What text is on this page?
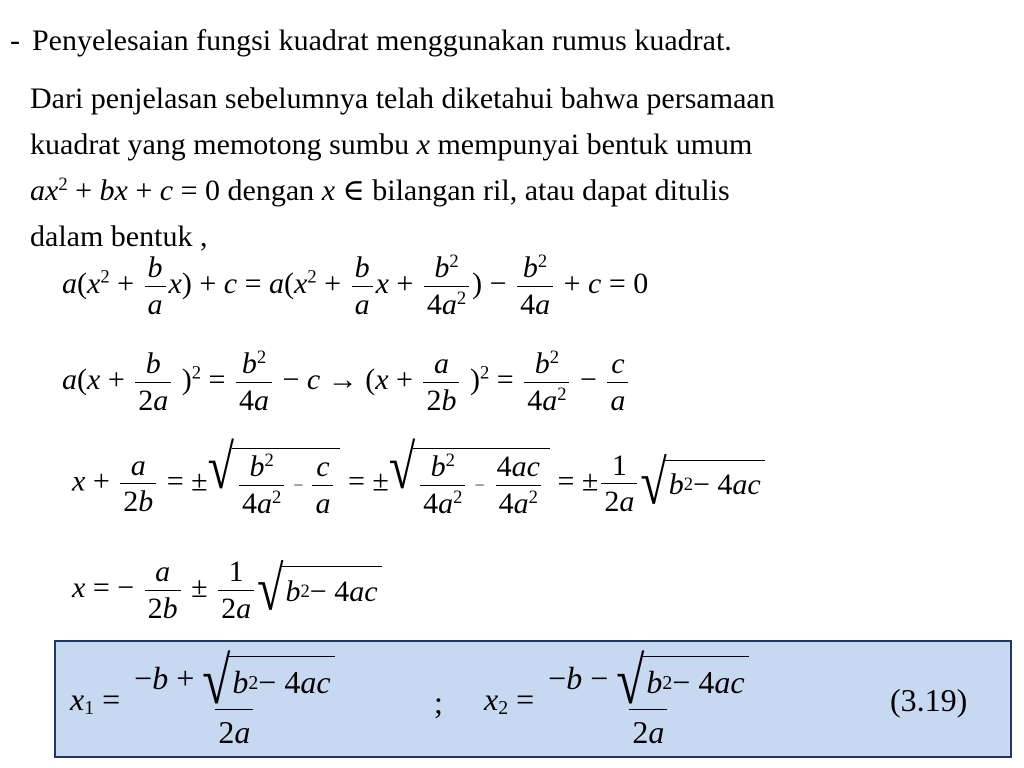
- Penyelesaian fungsi kuadrat menggunakan rumus kuadrat.
Dari penjelasan sebelumnya telah diketahui bahwa persamaan
kuadrat yang memotong sumbu x mempunyai bentuk umum
$ax^2$ + bx + c = 0 dengan x ∈ bilangan ril, atau dapat ditulis
dalam bentuk ,
$a(x^2 + \frac{b}{a} x) + c = a(x^2 + \frac{b}{a}$ $x + \frac{b^2}{4a^2}$ ) − $\frac{b^2}{4a} + c = 0$
$a(x + \frac{b}{2a} )^2 = \frac{b^2}{4a} - c \to (x + \frac{a}{2b} )^2 = \frac{b^2}{4a^2} - \frac{c}{a}$
$x + \frac{a}{2b}$ = ± √ $\frac{b^2}{4a^2} - \frac{c}{a}$ = ± √ $\frac{b^2}{4a^2} - \frac{4ac}{4a^2}$ = ± $\frac{1}{2a}$ √ b 2 − 4 ac
x = − $\frac{a}{2b} \pm \frac{1}{2a}$ √ b 2 − 4 ac
$x_1 = \frac{-b + √ b 2 - 4 ac}{2a}$	; $x_2 = \frac{-b - √ b 2 - 4 ac}{2a}$	(3.19)
